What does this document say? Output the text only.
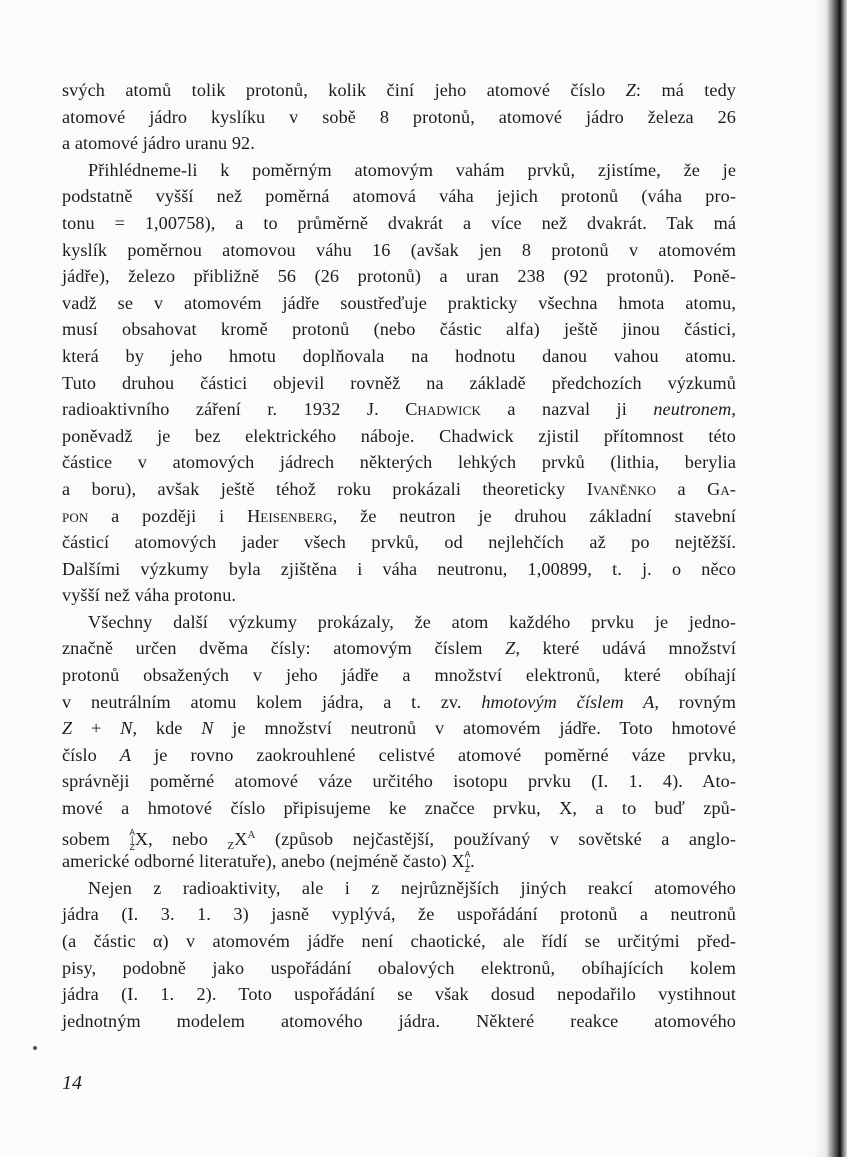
svých atomů tolik protonů, kolik činí jeho atomové číslo Z: má tedy
atomové jádro kyslíku v sobě 8 protonů, atomové jádro železa 26
a atomové jádro uranu 92.
Přihlédneme-li k poměrným atomovým vahám prvků, zjistíme, že je
podstatně vyšší než poměrná atomová váha jejich protonů (váha pro-
tonu = 1,00758), a to průměrně dvakrát a více než dvakrát. Tak má
kyslík poměrnou atomovou váhu 16 (avšak jen 8 protonů v atomovém
jádře), železo přibližně 56 (26 protonů) a uran 238 (92 protonů). Poně-
vadž se v atomovém jádře soustřeďuje prakticky všechna hmota atomu,
musí obsahovat kromě protonů (nebo částic alfa) ještě jinou částici,
která by jeho hmotu doplňovala na hodnotu danou vahou atomu.
Tuto druhou částici objevil rovněž na základě předchozích výzkumů
radioaktivního záření r. 1932 J. Chadwick a nazval ji neutronem,
poněvadž je bez elektrického náboje. Chadwick zjistil přítomnost této
částice v atomových jádrech některých lehkých prvků (lithia, berylia
a boru), avšak ještě téhož roku prokázali theoreticky Ivaněnko a Ga-
pon a později i Heisenberg, že neutron je druhou základní stavební
částicí atomových jader všech prvků, od nejlehčích až po nejtěžší.
Dalšími výzkumy byla zjištěna i váha neutronu, 1,00899, t. j. o něco
vyšší než váha protonu.
Všechny další výzkumy prokázaly, že atom každého prvku je jedno-
značně určen dvěma čísly: atomovým číslem Z, které udává množství
protonů obsažených v jeho jádře a množství elektronů, které obíhají
v neutrálním atomu kolem jádra, a t. zv. hmotovým číslem A, rovným
Z + N, kde N je množství neutronů v atomovém jádře. Toto hmotové
číslo A je rovno zaokrouhlené celistvé atomové poměrné váze prvku,
správněji poměrné atomové váze určitého isotopu prvku (I. 1. 4). Ato-
mové a hmotové číslo připisujeme ke značce prvku, X, a to buď způ-
sobem A|ZX, nebo $_ZX^A$ (způsob nejčastější, používaný v sovětské a anglo-
americké odborné literatuře), anebo (nejméně často) XA|Z.
Nejen z radioaktivity, ale i z nejrůznějších jiných reakcí atomového
jádra (I. 3. 1. 3) jasně vyplývá, že uspořádání protonů a neutronů
(a částic α) v atomovém jádře není chaotické, ale řídí se určitými před-
pisy, podobně jako uspořádání obalových elektronů, obíhajících kolem
jádra (I. 1. 2). Toto uspořádání se však dosud nepodařilo vystihnout
jednotným modelem atomového jádra. Některé reakce atomového
14
